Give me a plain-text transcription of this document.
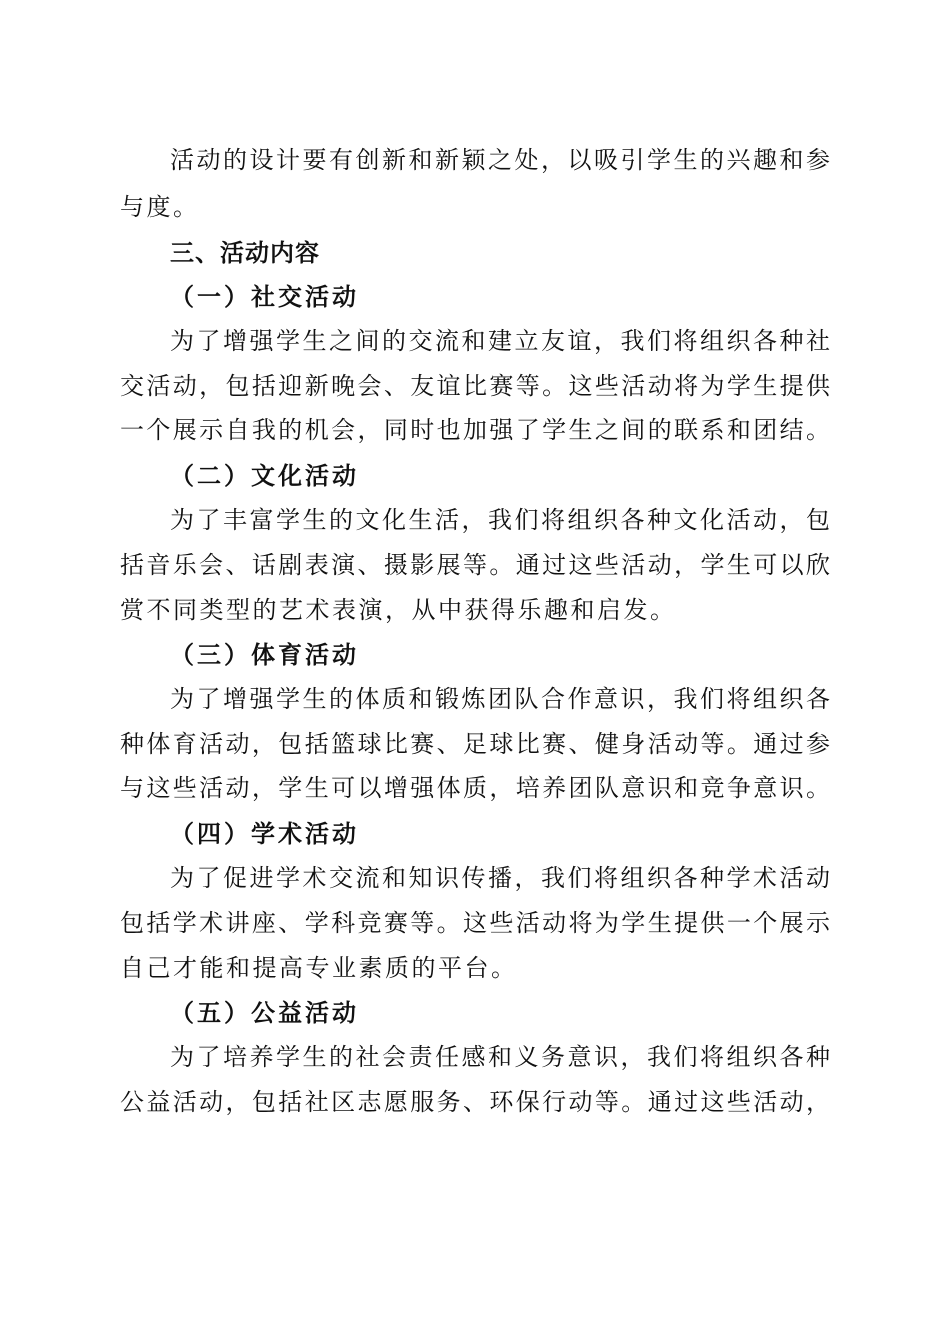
活动的设计要有创新和新颖之处，以吸引学生的兴趣和参
与度。
三、活动内容
（一）社交活动
为了增强学生之间的交流和建立友谊，我们将组织各种社
交活动，包括迎新晚会、友谊比赛等。这些活动将为学生提供
一个展示自我的机会，同时也加强了学生之间的联系和团结。
（二）文化活动
为了丰富学生的文化生活，我们将组织各种文化活动，包
括音乐会、话剧表演、摄影展等。通过这些活动，学生可以欣
赏不同类型的艺术表演，从中获得乐趣和启发。
（三）体育活动
为了增强学生的体质和锻炼团队合作意识，我们将组织各
种体育活动，包括篮球比赛、足球比赛、健身活动等。通过参
与这些活动，学生可以增强体质，培养团队意识和竞争意识。
（四）学术活动
为了促进学术交流和知识传播，我们将组织各种学术活动
包括学术讲座、学科竞赛等。这些活动将为学生提供一个展示
自己才能和提高专业素质的平台。
（五）公益活动
为了培养学生的社会责任感和义务意识，我们将组织各种
公益活动，包括社区志愿服务、环保行动等。通过这些活动，
